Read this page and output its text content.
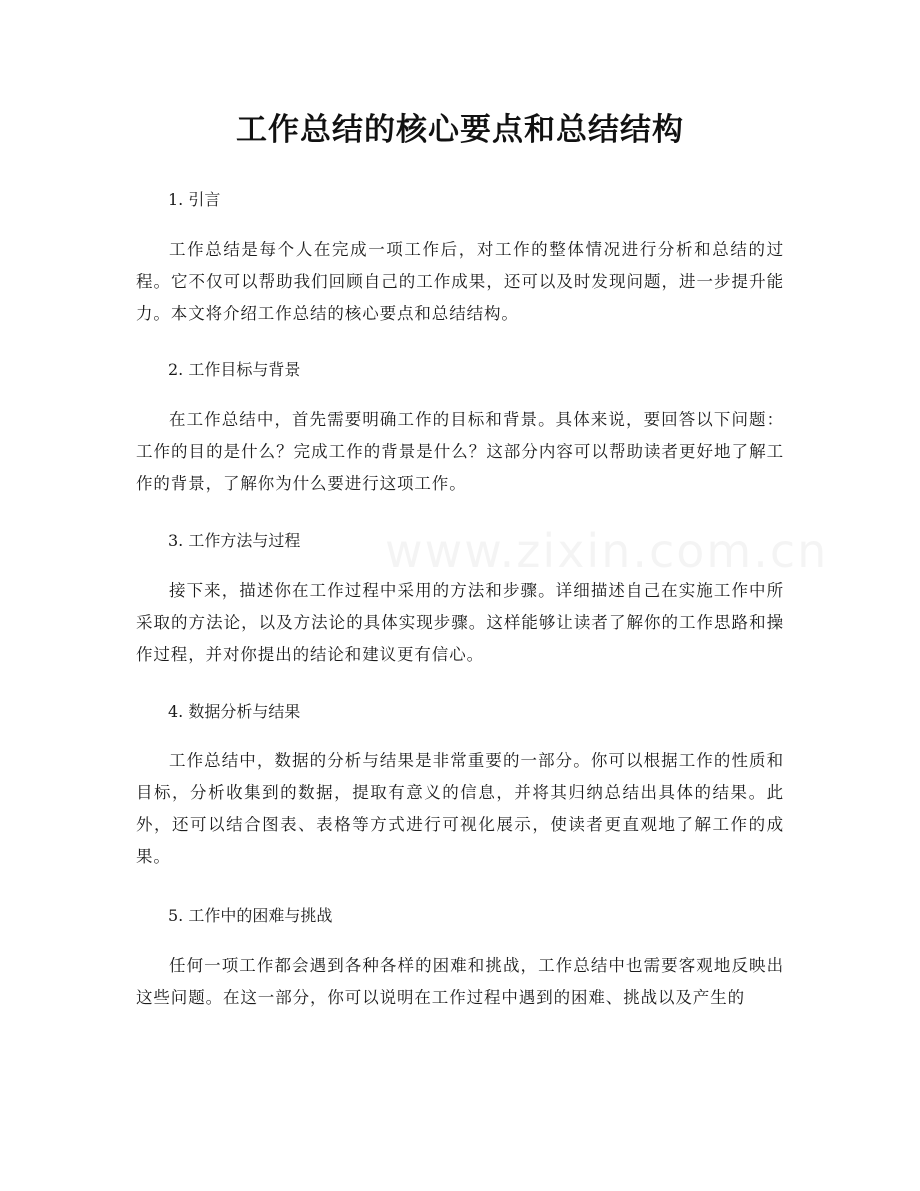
工作总结的核心要点和总结结构

1. 引言

工作总结是每个人在完成一项工作后，对工作的整体情况进行分析和总结的过程。它不仅可以帮助我们回顾自己的工作成果，还可以及时发现问题，进一步提升能力。本文将介绍工作总结的核心要点和总结结构。

2. 工作目标与背景

在工作总结中，首先需要明确工作的目标和背景。具体来说，要回答以下问题：工作的目的是什么？完成工作的背景是什么？这部分内容可以帮助读者更好地了解工作的背景，了解你为什么要进行这项工作。

3. 工作方法与过程

接下来，描述你在工作过程中采用的方法和步骤。详细描述自己在实施工作中所采取的方法论，以及方法论的具体实现步骤。这样能够让读者了解你的工作思路和操作过程，并对你提出的结论和建议更有信心。

4. 数据分析与结果

工作总结中，数据的分析与结果是非常重要的一部分。你可以根据工作的性质和目标，分析收集到的数据，提取有意义的信息，并将其归纳总结出具体的结果。此外，还可以结合图表、表格等方式进行可视化展示，使读者更直观地了解工作的成果。

5. 工作中的困难与挑战

任何一项工作都会遇到各种各样的困难和挑战，工作总结中也需要客观地反映出这些问题。在这一部分，你可以说明在工作过程中遇到的困难、挑战以及产生的
